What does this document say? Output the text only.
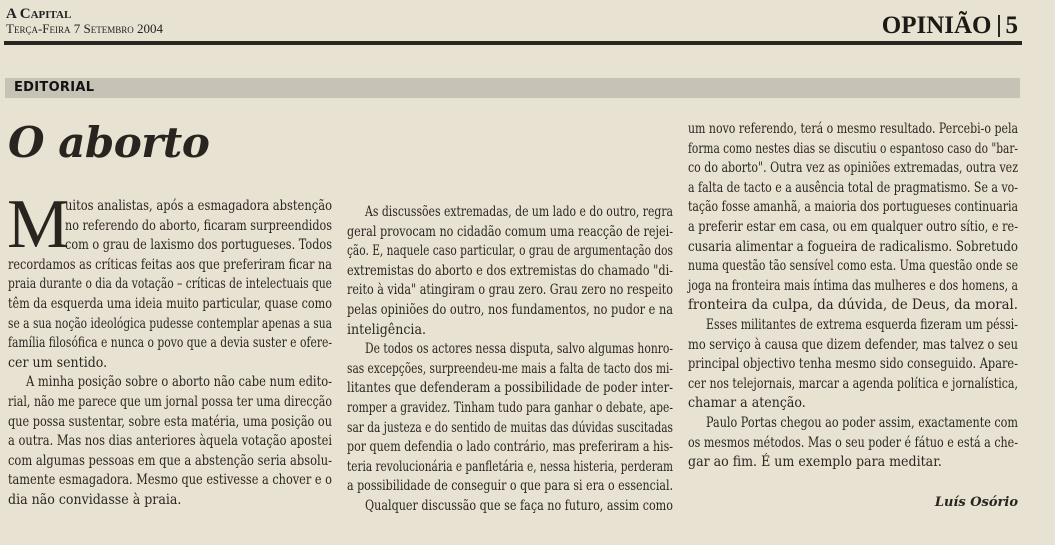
A Capital
Terça-Feira 7 Setembro 2004	OPINIÃO 5
EDITORIAL
O aborto
M
uitos analistas, após a esmagadora abstenção
no referendo do aborto, ficaram surpreendidos
com o grau de laxismo dos portugueses. Todos
recordamos as críticas feitas aos que preferiram ficar na
praia durante o dia da votação – críticas de intelectuais que
têm da esquerda uma ideia muito particular, quase como
se a sua noção ideológica pudesse contemplar apenas a sua
família filosófica e nunca o povo que a devia suster e ofere-
cer um sentido.
A minha posição sobre o aborto não cabe num edito-
rial, não me parece que um jornal possa ter uma direcção
que possa sustentar, sobre esta matéria, uma posição ou
a outra. Mas nos dias anteriores àquela votação apostei
com algumas pessoas em que a abstenção seria absolu-
tamente esmagadora. Mesmo que estivesse a chover e o
dia não convidasse à praia.
As discussões extremadas, de um lado e do outro, regra
geral provocam no cidadão comum uma reacção de rejei-
ção. E, naquele caso particular, o grau de argumentação dos
extremistas do aborto e dos extremistas do chamado "di-
reito à vida" atingiram o grau zero. Grau zero no respeito
pelas opiniões do outro, nos fundamentos, no pudor e na
inteligência.
De todos os actores nessa disputa, salvo algumas honro-
sas excepções, surpreendeu-me mais a falta de tacto dos mi-
litantes que defenderam a possibilidade de poder inter-
romper a gravidez. Tinham tudo para ganhar o debate, ape-
sar da justeza e do sentido de muitas das dúvidas suscitadas
por quem defendia o lado contrário, mas preferiram a his-
teria revolucionária e panfletária e, nessa histeria, perderam
a possibilidade de conseguir o que para si era o essencial.
Qualquer discussão que se faça no futuro, assim como
um novo referendo, terá o mesmo resultado. Percebi-o pela
forma como nestes dias se discutiu o espantoso caso do "bar-
co do aborto". Outra vez as opiniões extremadas, outra vez
a falta de tacto e a ausência total de pragmatismo. Se a vo-
tação fosse amanhã, a maioria dos portugueses continuaria
a preferir estar em casa, ou em qualquer outro sítio, e re-
cusaria alimentar a fogueira de radicalismo. Sobretudo
numa questão tão sensível como esta. Uma questão onde se
joga na fronteira mais íntima das mulheres e dos homens, a
fronteira da culpa, da dúvida, de Deus, da moral.
Esses militantes de extrema esquerda fizeram um péssi-
mo serviço à causa que dizem defender, mas talvez o seu
principal objectivo tenha mesmo sido conseguido. Apare-
cer nos telejornais, marcar a agenda política e jornalística,
chamar a atenção.
Paulo Portas chegou ao poder assim, exactamente com
os mesmos métodos. Mas o seu poder é fátuo e está a che-
gar ao fim. É um exemplo para meditar.
Luís Osório
